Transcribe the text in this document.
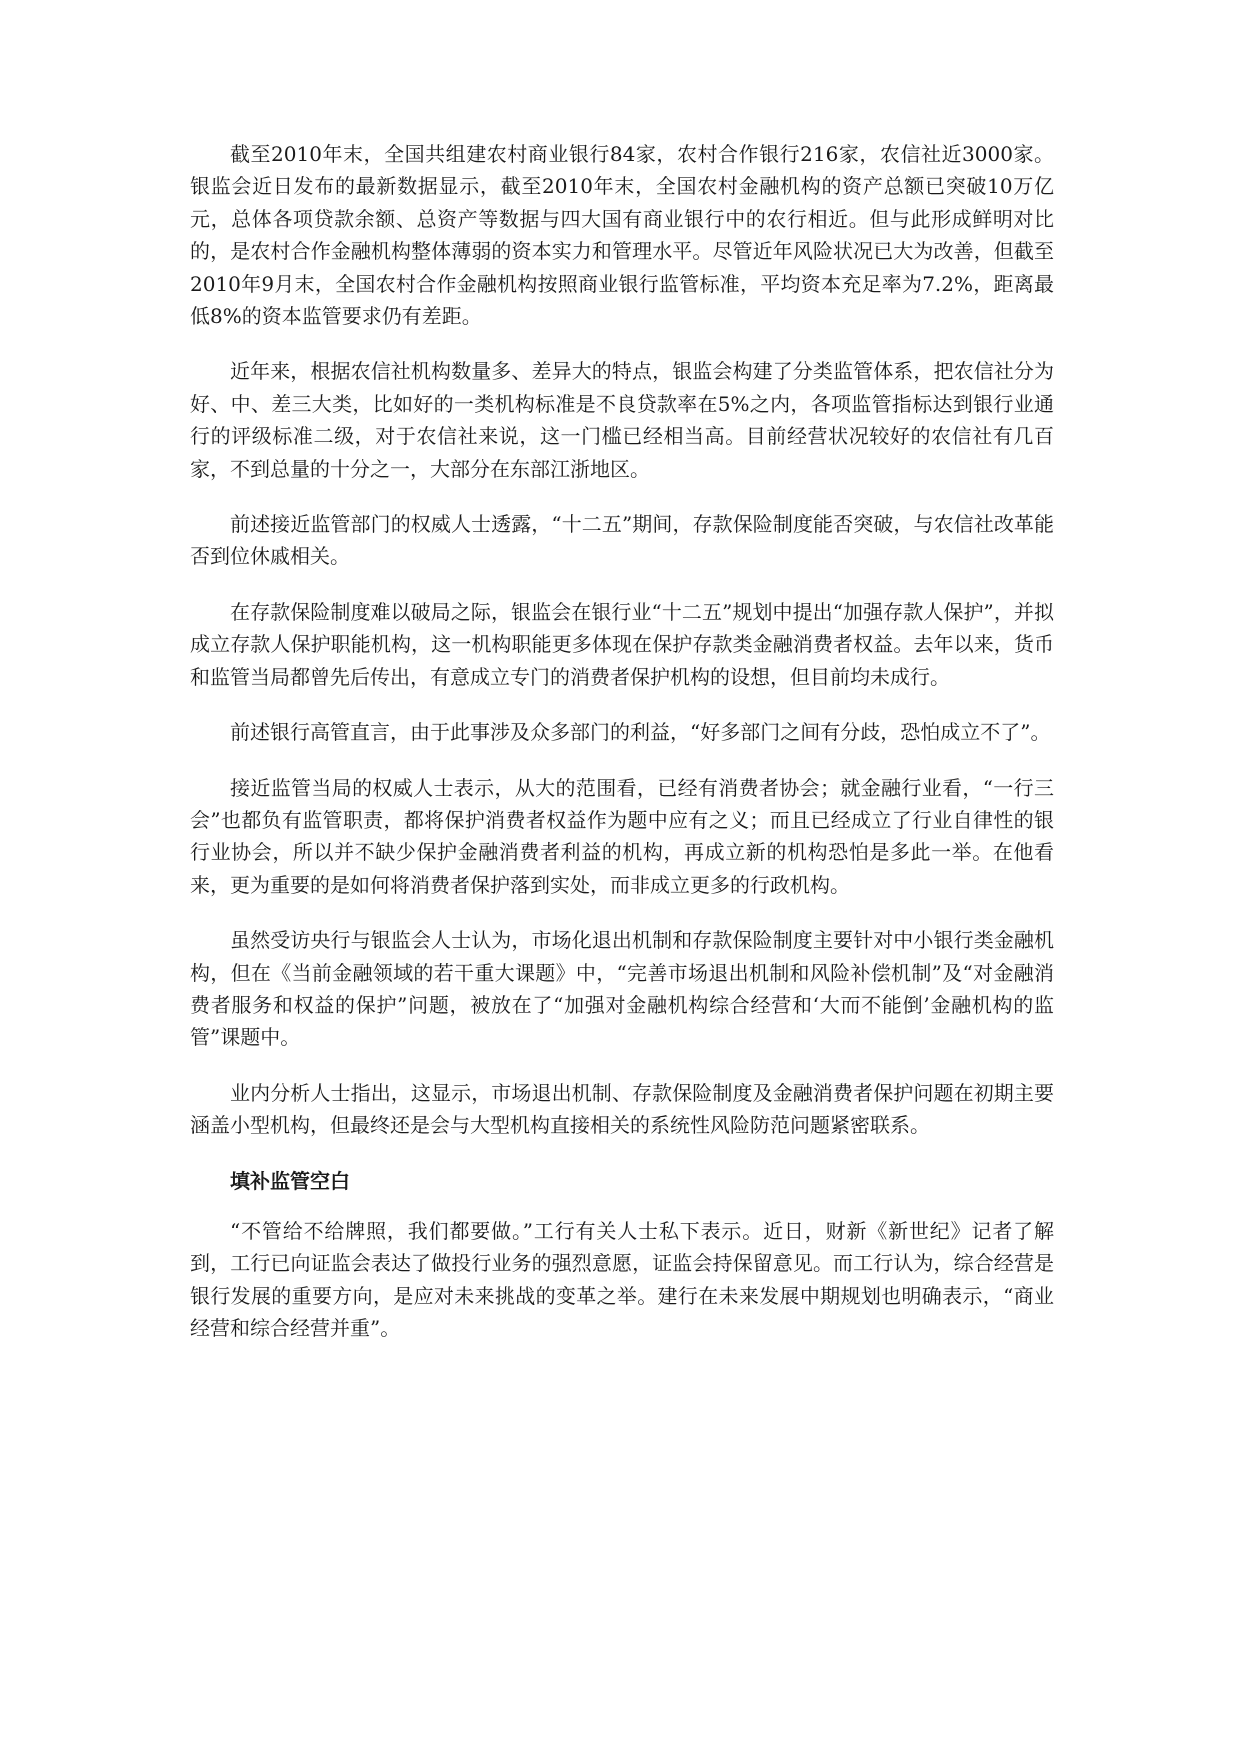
截至2010年末，全国共组建农村商业银行84家，农村合作银行216家，农信社近3000家。银监会近日发布的最新数据显示，截至2010年末，全国农村金融机构的资产总额已突破10万亿元，总体各项贷款余额、总资产等数据与四大国有商业银行中的农行相近。但与此形成鲜明对比的，是农村合作金融机构整体薄弱的资本实力和管理水平。尽管近年风险状况已大为改善，但截至2010年9月末，全国农村合作金融机构按照商业银行监管标准，平均资本充足率为7.2%，距离最低8%的资本监管要求仍有差距。

近年来，根据农信社机构数量多、差异大的特点，银监会构建了分类监管体系，把农信社分为好、中、差三大类，比如好的一类机构标准是不良贷款率在5%之内，各项监管指标达到银行业通行的评级标准二级，对于农信社来说，这一门槛已经相当高。目前经营状况较好的农信社有几百家，不到总量的十分之一，大部分在东部江浙地区。

前述接近监管部门的权威人士透露，“十二五”期间，存款保险制度能否突破，与农信社改革能否到位休戚相关。

在存款保险制度难以破局之际，银监会在银行业“十二五”规划中提出“加强存款人保护”，并拟成立存款人保护职能机构，这一机构职能更多体现在保护存款类金融消费者权益。去年以来，货币和监管当局都曾先后传出，有意成立专门的消费者保护机构的设想，但目前均未成行。

前述银行高管直言，由于此事涉及众多部门的利益，“好多部门之间有分歧，恐怕成立不了”。

接近监管当局的权威人士表示，从大的范围看，已经有消费者协会；就金融行业看，“一行三会”也都负有监管职责，都将保护消费者权益作为题中应有之义；而且已经成立了行业自律性的银行业协会，所以并不缺少保护金融消费者利益的机构，再成立新的机构恐怕是多此一举。在他看来，更为重要的是如何将消费者保护落到实处，而非成立更多的行政机构。

虽然受访央行与银监会人士认为，市场化退出机制和存款保险制度主要针对中小银行类金融机构，但在《当前金融领域的若干重大课题》中，“完善市场退出机制和风险补偿机制”及“对金融消费者服务和权益的保护”问题，被放在了“加强对金融机构综合经营和‘大而不能倒’金融机构的监管”课题中。

业内分析人士指出，这显示，市场退出机制、存款保险制度及金融消费者保护问题在初期主要涵盖小型机构，但最终还是会与大型机构直接相关的系统性风险防范问题紧密联系。

填补监管空白

“不管给不给牌照，我们都要做。”工行有关人士私下表示。近日，财新《新世纪》记者了解到，工行已向证监会表达了做投行业务的强烈意愿，证监会持保留意见。而工行认为，综合经营是银行发展的重要方向，是应对未来挑战的变革之举。建行在未来发展中期规划也明确表示，“商业经营和综合经营并重”。
